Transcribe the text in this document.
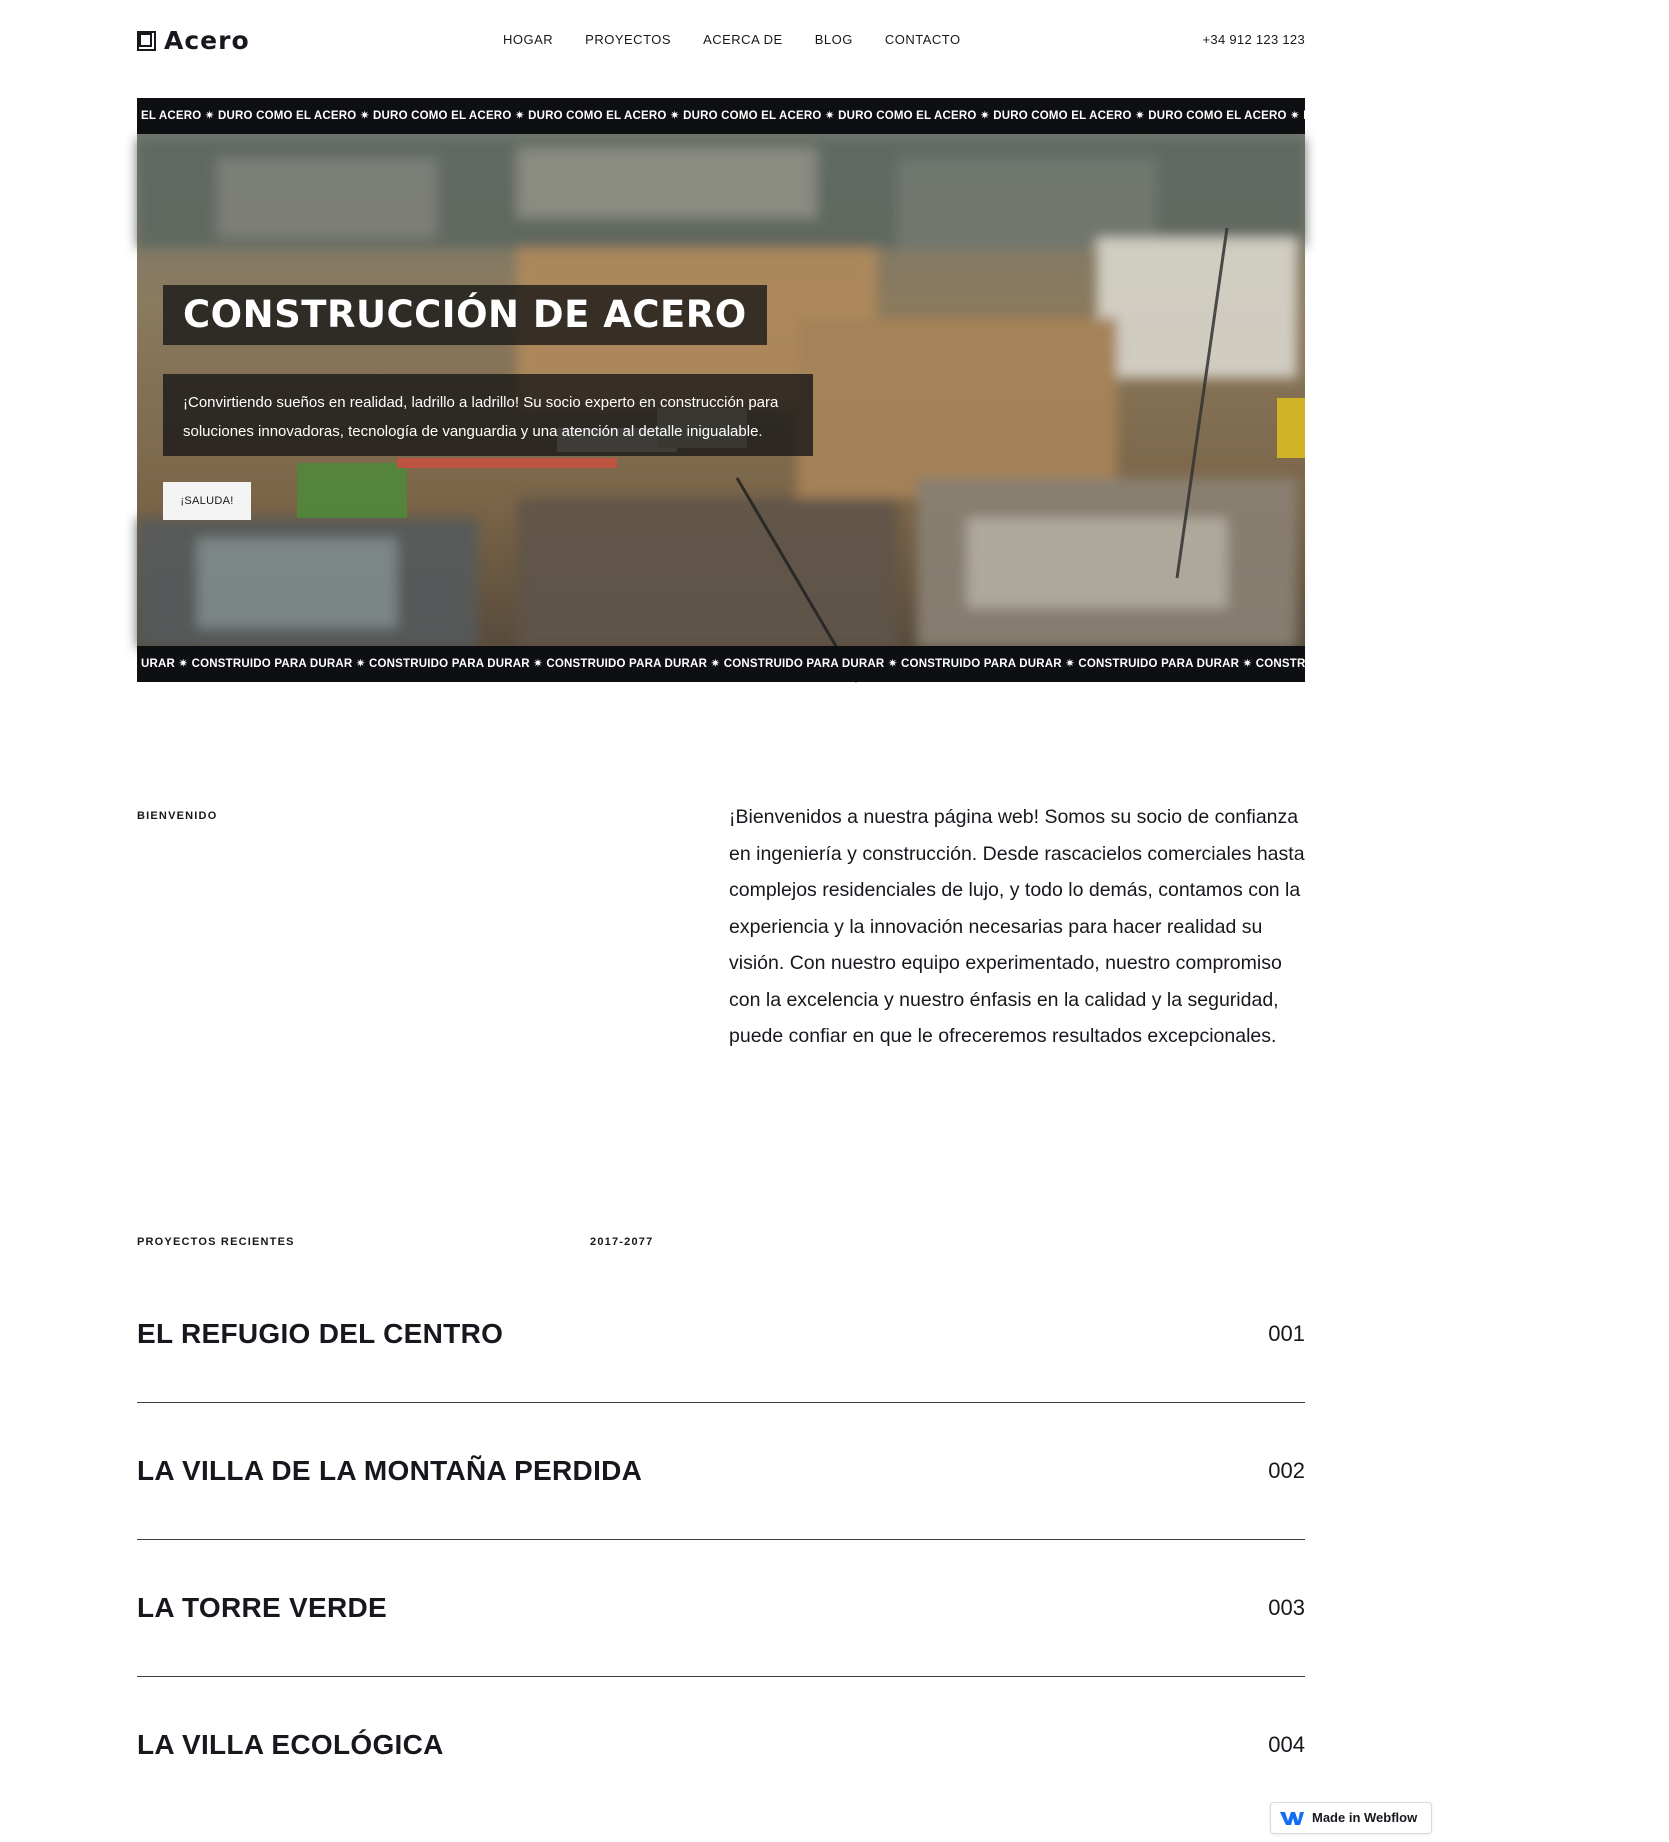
Acero	HOGAR PROYECTOS ACERCA DE BLOG CONTACTO	+34 912 123 123
EL ACERO ✷ DURO COMO EL ACERO ✷ DURO COMO EL ACERO ✷ DURO COMO EL ACERO ✷ DURO COMO EL ACERO ✷ DURO COMO EL ACERO ✷ DURO COMO EL ACERO ✷ DURO COMO EL ACERO ✷ DURO COMO EL ACERO ✷ DURO COMO EL ACERO ✷ DURO CO
CONSTRUCCIÓN DE ACERO
¡Convirtiendo sueños en realidad, ladrillo a ladrillo! Su socio experto en construcción para
soluciones innovadoras, tecnología de vanguardia y una atención al detalle inigualable.
¡SALUDA!
URAR ✷ CONSTRUIDO PARA DURAR ✷ CONSTRUIDO PARA DURAR ✷ CONSTRUIDO PARA DURAR ✷ CONSTRUIDO PARA DURAR ✷ CONSTRUIDO PARA DURAR ✷ CONSTRUIDO PARA DURAR ✷ CONSTRUIDO PARA
BIENVENIDO	¡Bienvenidos a nuestra página web! Somos su socio de confianza en ingeniería y construcción. Desde rascacielos comerciales hasta complejos residenciales de lujo, y todo lo demás, contamos con la experiencia y la innovación necesarias para hacer realidad su visión. Con nuestro equipo experimentado, nuestro compromiso con la excelencia y nuestro énfasis en la calidad y la seguridad, puede confiar en que le ofreceremos resultados excepcionales.

PROYECTOS RECIENTES	2017-2077
EL REFUGIO DEL CENTRO	001
LA VILLA DE LA MONTAÑA PERDIDA	002
LA TORRE VERDE	003
LA VILLA ECOLÓGICA	004
Made in Webflow
